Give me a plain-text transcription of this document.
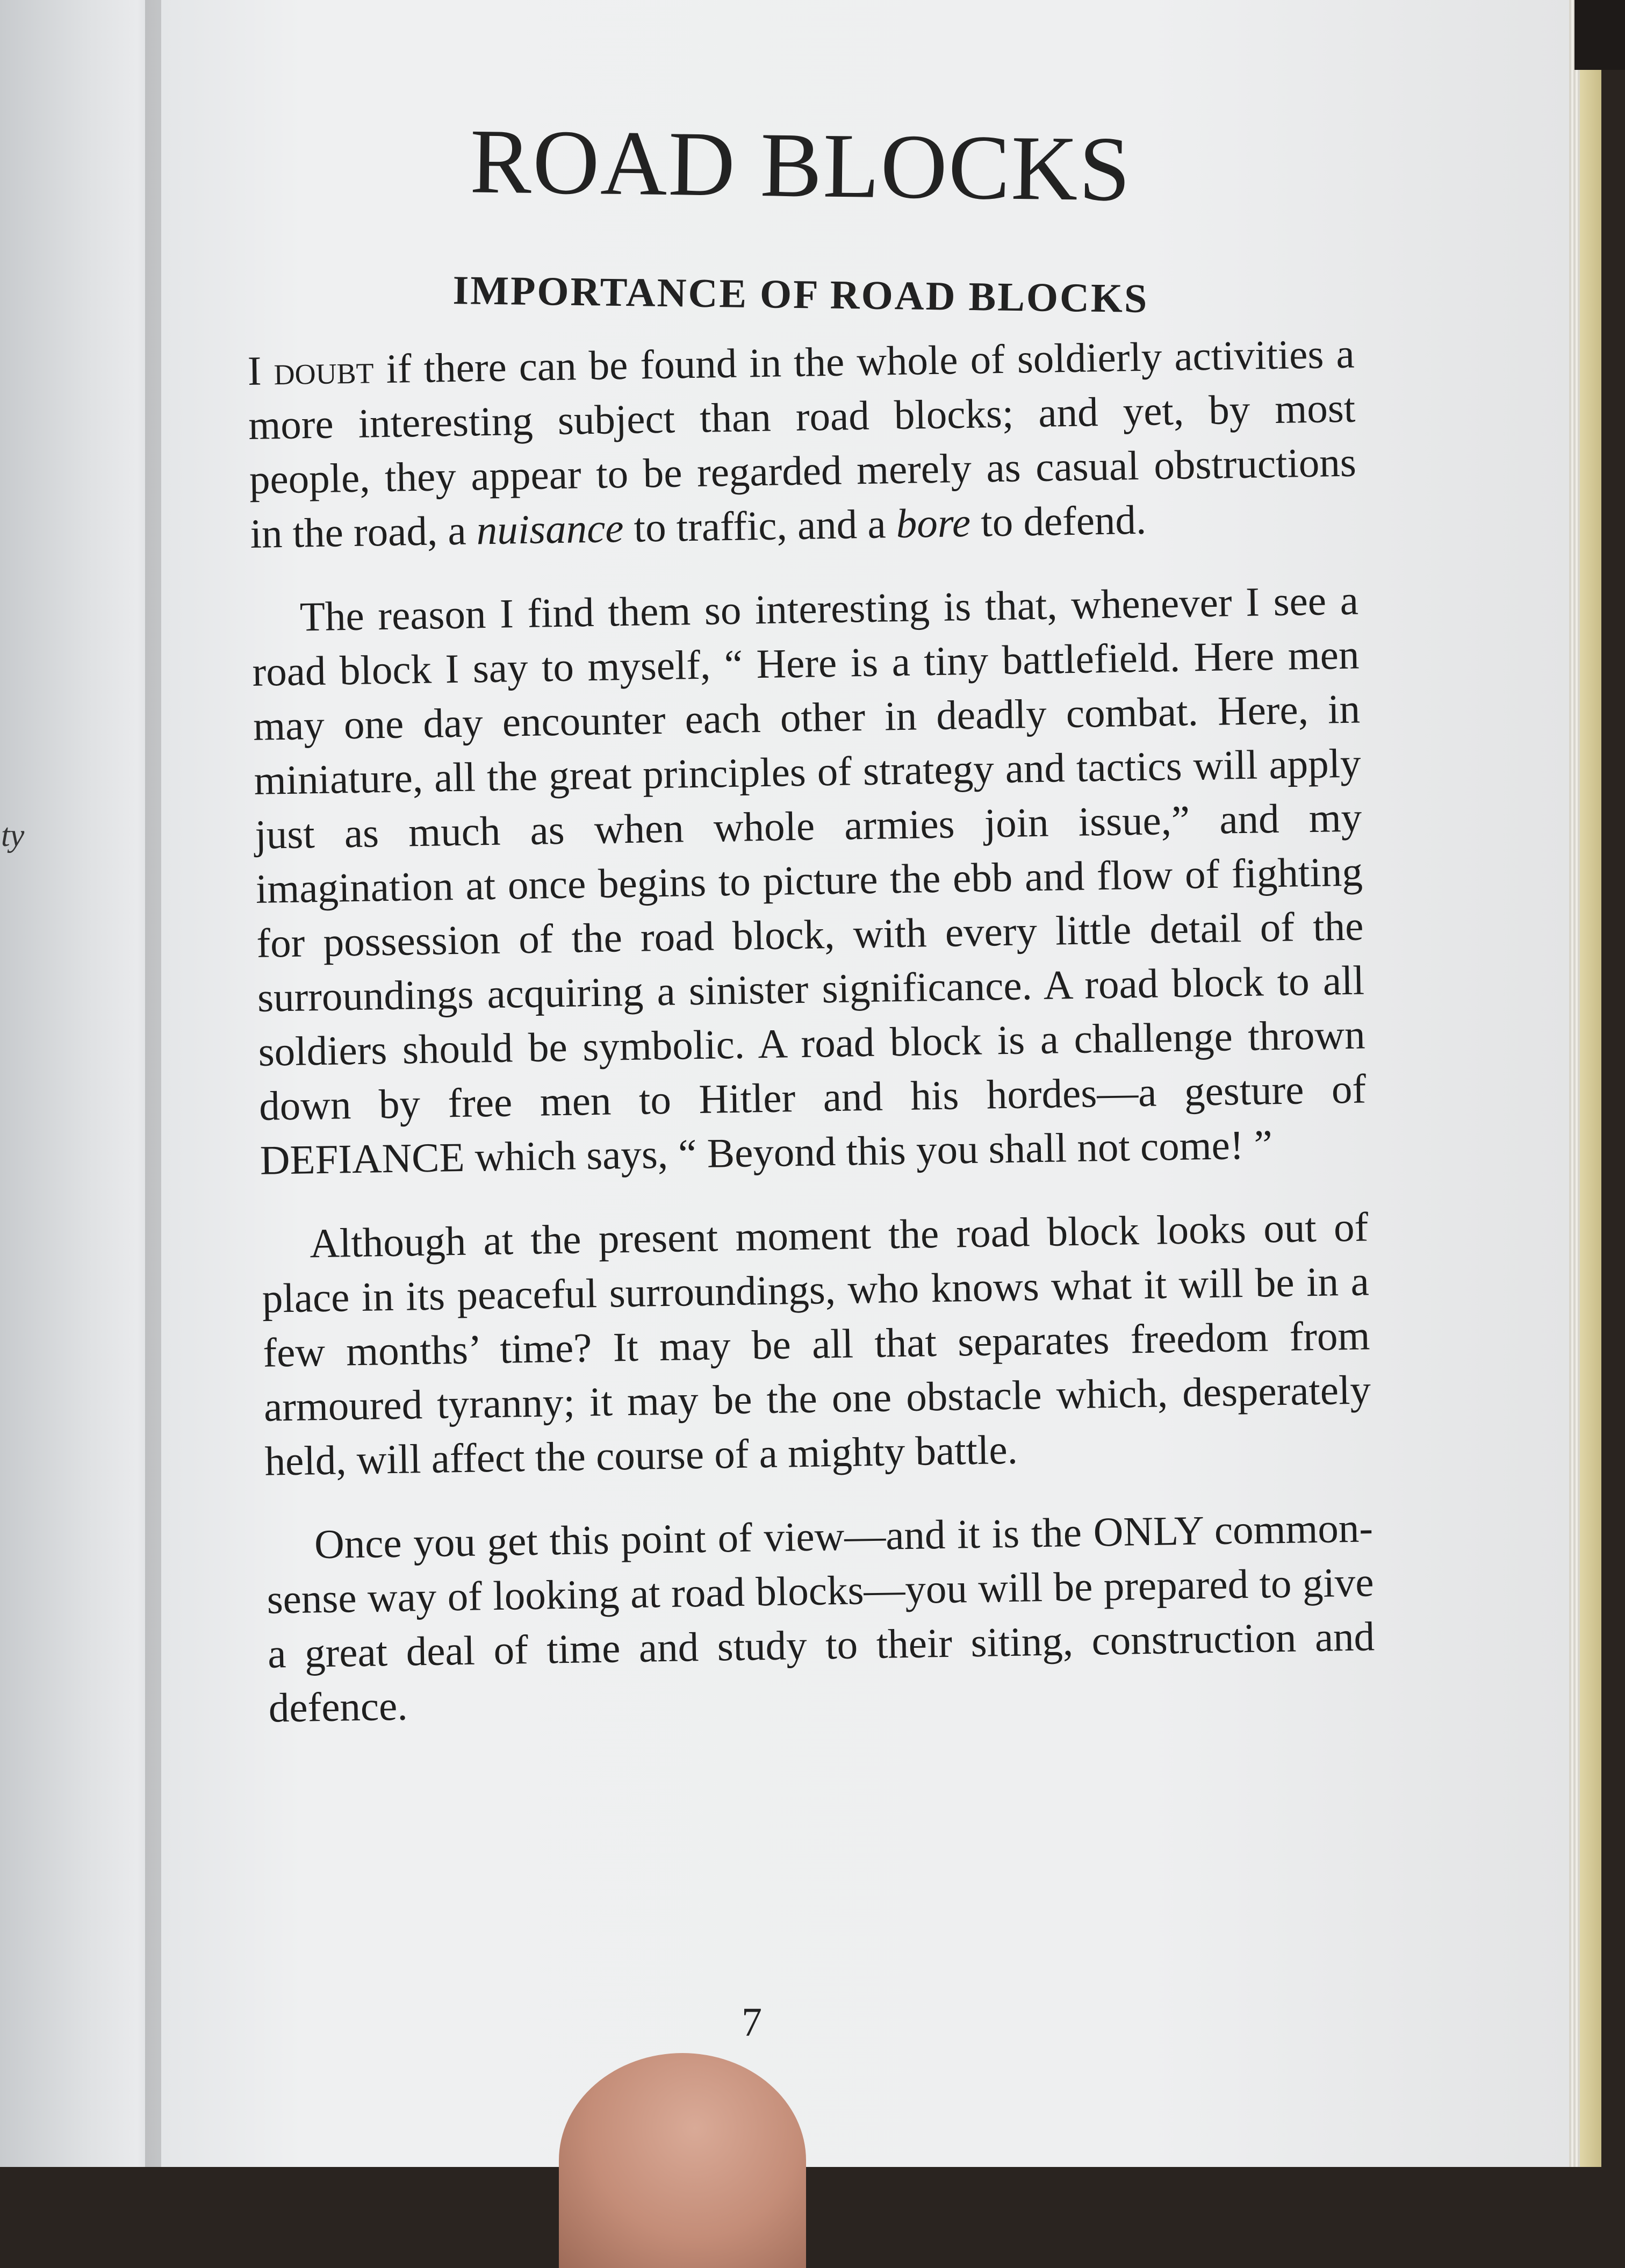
ty
ROAD BLOCKS
IMPORTANCE OF ROAD BLOCKS

I doubt if there can be found in the whole of soldierly activities a more interesting subject than road blocks; and yet, by most people, they appear to be regarded merely as casual obstructions in the road, a nuisance to traffic, and a bore to defend.

The reason I find them so interesting is that, whenever I see a road block I say to myself, “ Here is a tiny battlefield. Here men may one day encounter each other in deadly combat. Here, in miniature, all the great principles of strategy and tactics will apply just as much as when whole armies join issue,” and my imagination at once begins to picture the ebb and flow of fighting for possession of the road block, with every little detail of the surroundings acquiring a sinister significance. A road block to all soldiers should be symbolic. A road block is a challenge thrown down by free men to Hitler and his hordes—a gesture of DEFIANCE which says, “ Beyond this you shall not come! ”

Although at the present moment the road block looks out of place in its peaceful surroundings, who knows what it will be in a few months’ time? It may be all that separates freedom from armoured tyranny; it may be the one obstacle which, desperately held, will affect the course of a mighty battle.

Once you get this point of view—and it is the ONLY common-sense way of looking at road blocks—you will be prepared to give a great deal of time and study to their siting, construction and defence.

7
